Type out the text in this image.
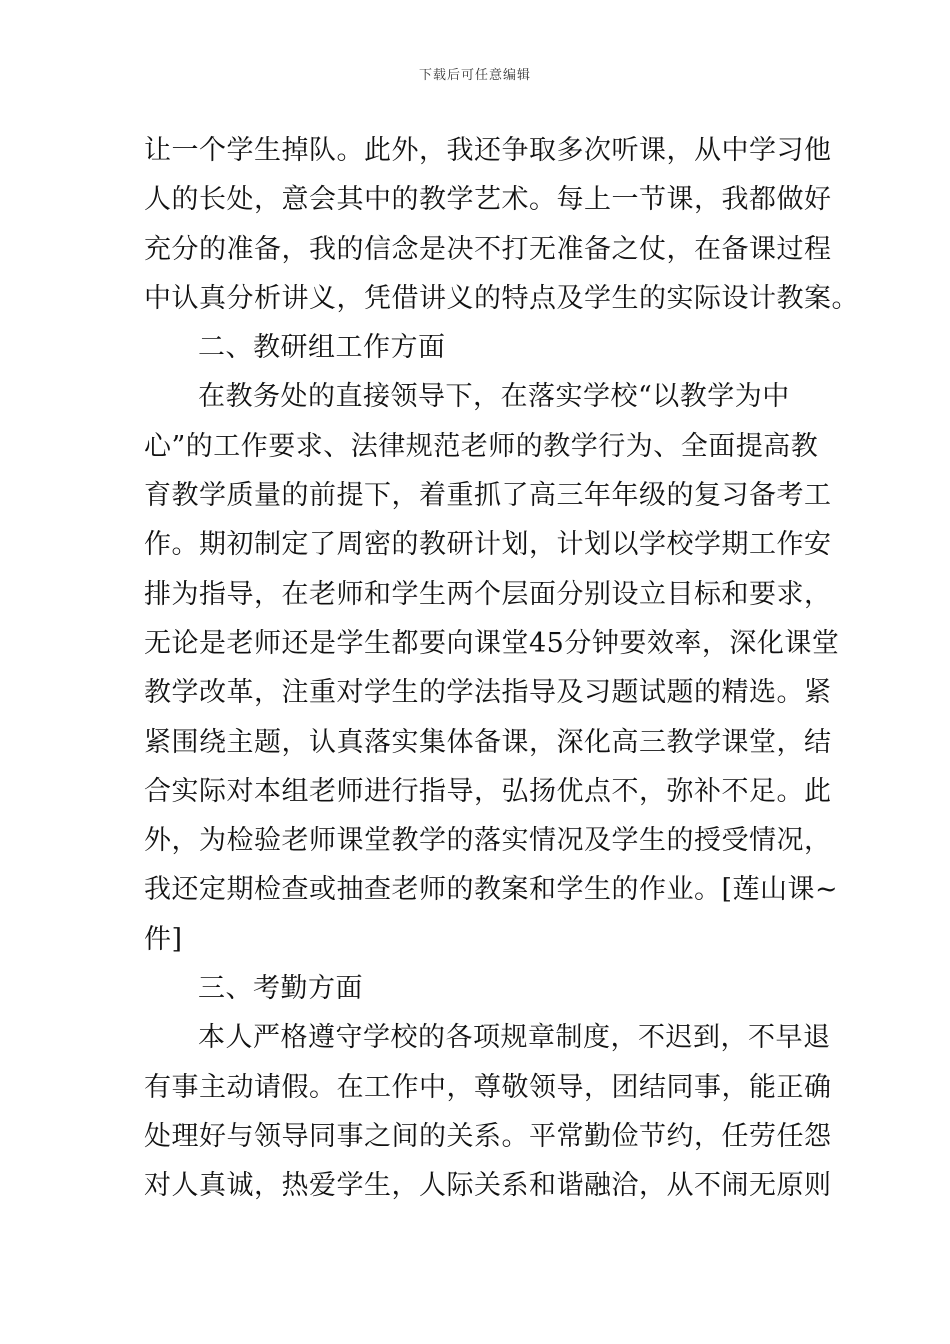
下载后可任意编辑
让一个学生掉队。此外，我还争取多次听课，从中学习他
人的长处，意会其中的教学艺术。每上一节课，我都做好
充分的准备，我的信念是决不打无准备之仗，在备课过程
中认真分析讲义，凭借讲义的特点及学生的实际设计教案。
二、教研组工作方面
在教务处的直接领导下，在落实学校“以教学为中
心”的工作要求、法律规范老师的教学行为、全面提高教
育教学质量的前提下，着重抓了高三年年级的复习备考工
作。期初制定了周密的教研计划，计划以学校学期工作安
排为指导，在老师和学生两个层面分别设立目标和要求，
无论是老师还是学生都要向课堂45分钟要效率，深化课堂
教学改革，注重对学生的学法指导及习题试题的精选。紧
紧围绕主题，认真落实集体备课，深化高三教学课堂，结
合实际对本组老师进行指导，弘扬优点不，弥补不足。此
外，为检验老师课堂教学的落实情况及学生的授受情况，
我还定期检查或抽查老师的教案和学生的作业。[莲山课~
件]
三、考勤方面
本人严格遵守学校的各项规章制度，不迟到，不早退
有事主动请假。在工作中，尊敬领导，团结同事，能正确
处理好与领导同事之间的关系。平常勤俭节约，任劳任怨
对人真诚，热爱学生，人际关系和谐融洽，从不闹无原则
